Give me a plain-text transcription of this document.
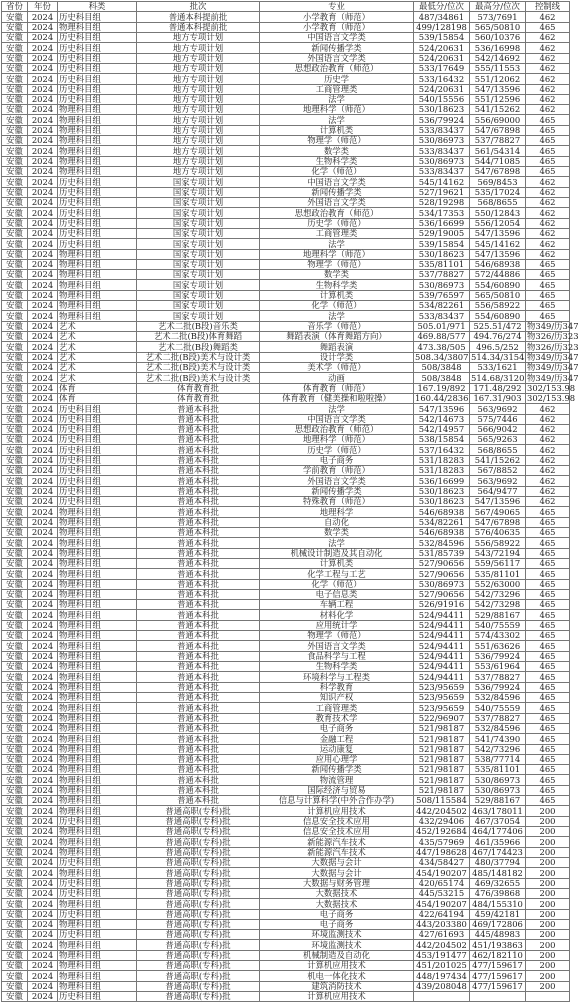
省份	年份	科类	批次	专业	最低分/位次	最高分/位次	控制线
安徽	2024	历史科目组	普通本科提前批	小学教育（师范）	487/34861	573/7691	462
安徽	2024	物理科目组	普通本科提前批	小学教育（师范）	499/128198	565/50810	465
安徽	2024	历史科目组	地方专项计划	中国语言文学类	539/15854	560/10376	462
安徽	2024	历史科目组	地方专项计划	新闻传播学类	524/20631	536/16998	462
安徽	2024	历史科目组	地方专项计划	外国语言文学类	524/20631	542/14692	462
安徽	2024	历史科目组	地方专项计划	思想政治教育（师范）	533/17649	555/11553	462
安徽	2024	历史科目组	地方专项计划	历史学	533/16432	551/12062	462
安徽	2024	历史科目组	地方专项计划	工商管理类	524/20631	547/13596	462
安徽	2024	历史科目组	地方专项计划	法学	540/15556	551/12596	462
安徽	2024	物理科目组	地方专项计划	地理科学（师范）	530/18623	541/15262	462
安徽	2024	物理科目组	地方专项计划	法学	536/79924	556/69000	465
安徽	2024	物理科目组	地方专项计划	计算机类	533/83437	547/67898	465
安徽	2024	物理科目组	地方专项计划	物理学（师范）	530/86973	537/78827	465
安徽	2024	物理科目组	地方专项计划	数学类	533/83437	561/54314	465
安徽	2024	物理科目组	地方专项计划	生物科学类	530/86973	544/71085	465
安徽	2024	物理科目组	地方专项计划	化学（师范）	533/83437	547/67898	465
安徽	2024	历史科目组	国家专项计划	中国语言文学类	545/14162	569/8453	462
安徽	2024	历史科目组	国家专项计划	新闻传播学类	527/19621	535/17024	462
安徽	2024	历史科目组	国家专项计划	外国语言文学类	528/19298	568/8655	462
安徽	2024	历史科目组	国家专项计划	思想政治教育（师范）	534/17353	550/12843	462
安徽	2024	历史科目组	国家专项计划	历史学（师范）	536/16699	556/12054	462
安徽	2024	历史科目组	国家专项计划	工商管理类	529/19005	547/13596	462
安徽	2024	历史科目组	国家专项计划	法学	539/15854	545/14162	462
安徽	2024	物理科目组	国家专项计划	地理科学（师范）	530/18623	547/13596	462
安徽	2024	物理科目组	国家专项计划	物理学（师范）	535/81101	546/68938	465
安徽	2024	物理科目组	国家专项计划	数学类	537/78827	572/44886	465
安徽	2024	物理科目组	国家专项计划	生物科学类	530/86973	554/60890	465
安徽	2024	物理科目组	国家专项计划	计算机类	539/76597	565/50810	465
安徽	2024	物理科目组	国家专项计划	化学（师范）	534/82261	556/58922	465
安徽	2024	物理科目组	国家专项计划	法学	533/83437	554/60890	465
安徽	2024	艺术	艺术二批(B段)音乐类	音乐学（师范）	505.01/971	525.51/472	物349/历347
安徽	2024	艺术	艺术二批(B段)体育舞蹈	舞蹈表演（体育舞蹈方向）	469.88/577	494.76/274	物326/历323
安徽	2024	艺术	艺术二批(B段)舞蹈类	舞蹈表演	473.38/505	496.5/252	物326/历323
安徽	2024	艺术	艺术二批(B段)美术与设计类	设计学类	508.34/3807	514.34/3154	物349/历347
安徽	2024	艺术	艺术二批(B段)美术与设计类	美术学（师范）	508/3848	533/1621	物349/历347
安徽	2024	艺术	艺术二批(B段)美术与设计类	动画	508/3848	514.68/3120	物349/历347
安徽	2024	体育	体育教育批	体育教育（师范）	167.19/892	171.48/292	302/153.98
安徽	2024	体育	体育教育批	体育教育（健美操和啦啦操）	160.44/2836	167.31/903	302/153.98
安徽	2024	历史科目组	普通本科批	法学	547/13596	563/9692	462
安徽	2024	历史科目组	普通本科批	中国语言文学类	542/14673	575/7446	462
安徽	2024	历史科目组	普通本科批	思想政治教育（师范）	542/14957	566/9042	462
安徽	2024	历史科目组	普通本科批	地理科学（师范）	538/15854	565/9263	462
安徽	2024	历史科目组	普通本科批	历史学（师范）	537/16432	568/8655	462
安徽	2024	历史科目组	普通本科批	电子商务	531/18283	541/15262	462
安徽	2024	历史科目组	普通本科批	学前教育（师范）	531/18283	567/8852	462
安徽	2024	历史科目组	普通本科批	外国语言文学类	536/16699	563/9692	462
安徽	2024	历史科目组	普通本科批	新闻传播学类	530/18623	564/9477	462
安徽	2024	历史科目组	普通本科批	特殊教育（师范）	530/18623	547/13596	462
安徽	2024	物理科目组	普通本科批	地理科学	546/68938	567/49065	465
安徽	2024	物理科目组	普通本科批	自动化	534/82261	547/67898	465
安徽	2024	物理科目组	普通本科批	数学类	546/68938	576/40635	465
安徽	2024	物理科目组	普通本科批	法学	532/84596	556/58922	465
安徽	2024	物理科目组	普通本科批	机械设计制造及其自动化	531/85739	543/72194	465
安徽	2024	物理科目组	普通本科批	计算机类	527/90656	559/56117	465
安徽	2024	物理科目组	普通本科批	化学工程与工艺	527/90656	535/81101	465
安徽	2024	物理科目组	普通本科批	化学（师范）	530/86973	552/63000	465
安徽	2024	物理科目组	普通本科批	电子信息类	527/90656	542/73296	465
安徽	2024	物理科目组	普通本科批	车辆工程	526/91916	542/73298	465
安徽	2024	物理科目组	普通本科批	材料化学	524/94411	529/88167	465
安徽	2024	物理科目组	普通本科批	应用统计学	524/94411	540/75559	465
安徽	2024	物理科目组	普通本科批	物理学（师范）	524/94411	574/43302	465
安徽	2024	物理科目组	普通本科批	外国语言文学类	524/94411	551/63626	465
安徽	2024	物理科目组	普通本科批	食品科学与工程	524/94411	536/79924	465
安徽	2024	物理科目组	普通本科批	生物科学类	524/94411	553/61964	465
安徽	2024	物理科目组	普通本科批	环境科学与工程类	524/94411	537/78827	465
安徽	2024	物理科目组	普通本科批	科学教育	523/95659	536/79924	465
安徽	2024	物理科目组	普通本科批	知识产权	523/95659	532/84596	465
安徽	2024	物理科目组	普通本科批	工商管理类	523/95659	540/75559	465
安徽	2024	物理科目组	普通本科批	教育技术学	522/96907	537/78827	465
安徽	2024	物理科目组	普通本科批	电子商务	521/98187	532/84596	465
安徽	2024	物理科目组	普通本科批	金融工程	521/98187	541/74390	465
安徽	2024	物理科目组	普通本科批	运动康复	521/98187	542/73296	465
安徽	2024	物理科目组	普通本科批	应用心理学	521/98187	538/77714	465
安徽	2024	物理科目组	普通本科批	新闻传播学类	521/98187	535/81101	465
安徽	2024	物理科目组	普通本科批	物流管理	521/98187	530/86973	465
安徽	2024	物理科目组	普通本科批	国际经济与贸易	521/98187	530/86973	465
安徽	2024	物理科目组	普通本科批	信息与计算科学(中外合作办学)	508/115584	529/88167	465
安徽	2024	物理科目组	普通高职(专科)批	计算机应用技术	442/204502	463/178011	200
安徽	2024	历史科目组	普通高职(专科)批	信息安全技术应用	432/29406	467/37054	200
安徽	2024	物理科目组	普通高职(专科)批	信息安全技术应用	452/192684	464/177406	200
安徽	2024	物理科目组	普通高职(专科)批	新能源汽车技术	435/57969	461/35966	200
安徽	2024	物理科目组	普通高职(专科)批	新能源汽车技术	447/198628	467/174423	200
安徽	2024	历史科目组	普通高职(专科)批	大数据与会计	434/58427	480/37794	200
安徽	2024	物理科目组	普通高职(专科)批	大数据与会计	454/190207	485/148182	200
安徽	2024	历史科目组	普通高职(专科)批	大数据与财务管理	420/65174	469/32655	200
安徽	2024	历史科目组	普通高职(专科)批	大数据技术	445/53215	476/39868	200
安徽	2024	物理科目组	普通高职(专科)批	大数据技术	454/190207	484/155310	200
安徽	2024	历史科目组	普通高职(专科)批	电子商务	422/64194	459/42181	200
安徽	2024	物理科目组	普通高职(专科)批	电子商务	443/203380	469/172806	200
安徽	2024	历史科目组	普通高职(专科)批	环境监测技术	427/61693	445/48983	200
安徽	2024	物理科目组	普通高职(专科)批	环境监测技术	442/204502	451/193863	200
安徽	2024	物理科目组	普通高职(专科)批	机械制造及自动化	453/191477	462/182110	200
安徽	2024	物理科目组	普通高职(专科)批	计算机应用技术	451/201025	477/159617	200
安徽	2024	物理科目组	普通高职(专科)批	机电一体化技术	448/197434	477/159617	200
安徽	2024	物理科目组	普通高职(专科)批	建筑消防技术	439/208048	477/159617	200
安徽	2024	历史科目组	普通高职(专科)批	计算机应用技术			
